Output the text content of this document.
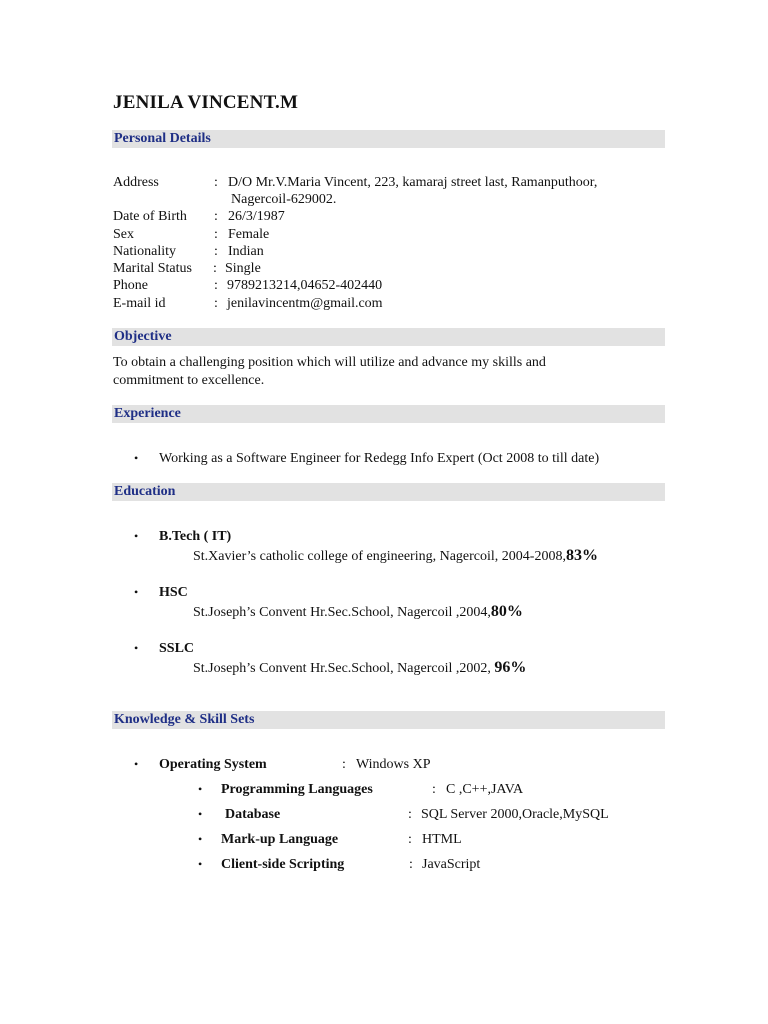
JENILA VINCENT.M
Personal Details
Address	: D/O Mr.V.Maria Vincent, 223, kamaraj street last, Ramanputhoor,
Nagercoil-629002.
Date of Birth : 26/3/1987
Sex	: Female
Nationality	: Indian
Marital Status : Single
Phone	: 9789213214,04652-402440
E-mail id	: jenilavincentm@gmail.com
Objective
To obtain a challenging position which will utilize and advance my skills and
commitment to excellence.
Experience
• Working as a Software Engineer for Redegg Info Expert (Oct 2008 to till date)
Education
• B.Tech ( IT)
St.Xavier’s catholic college of engineering, Nagercoil, 2004-2008,83%
• HSC
St.Joseph’s Convent Hr.Sec.School, Nagercoil ,2004,80%
• SSLC
St.Joseph’s Convent Hr.Sec.School, Nagercoil ,2002, 96%
Knowledge & Skill Sets
• Operating System	: Windows XP
• Programming Languages	: C ,C++,JAVA
• Database	: SQL Server 2000,Oracle,MySQL
• Mark-up Language	: HTML
• Client-side Scripting	: JavaScript
